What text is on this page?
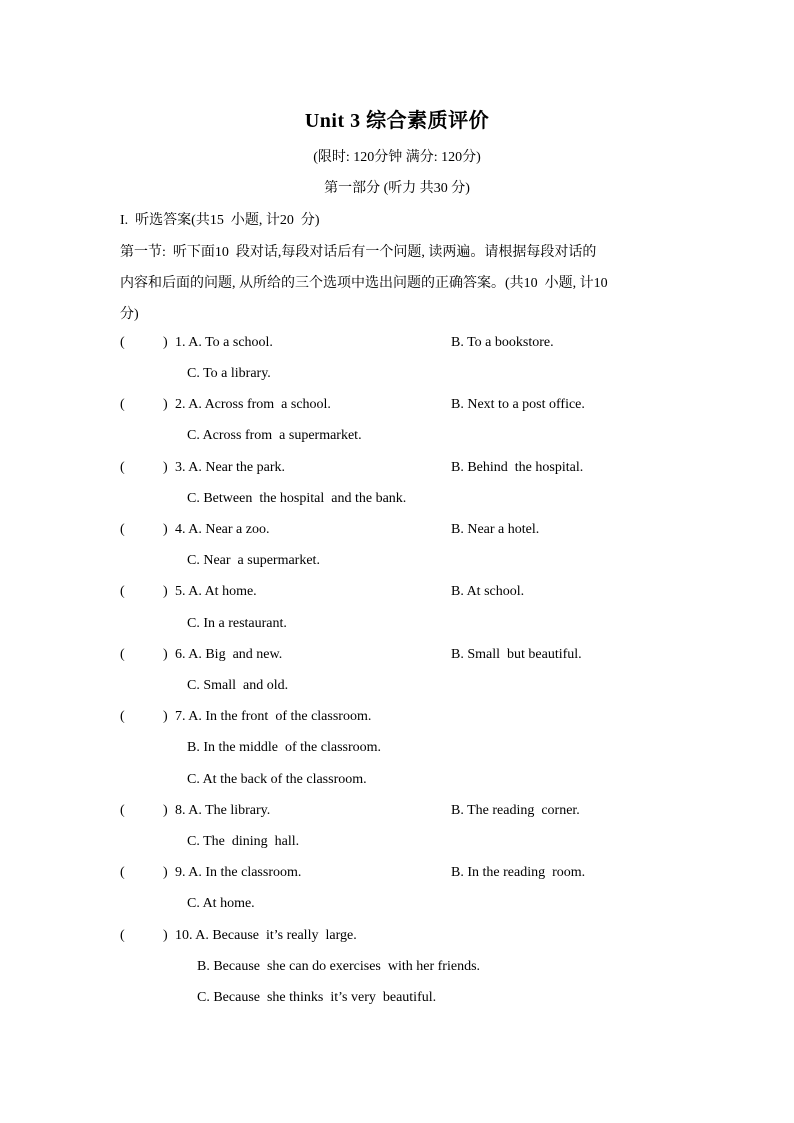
Unit 3 综合素质评价
(限时: 120分钟 满分: 120分)
第一部分 (听力 共30 分)
I.  听选答案(共15  小题, 计20  分)
第一节:  听下面10  段对话,每段对话后有一个问题, 读两遍。请根据每段对话的
内容和后面的问题, 从所给的三个选项中选出问题的正确答案。(共10  小题, 计10
分)
(	) 1. A. To a school.	B. To a bookstore.
C. To a library.
(	) 2. A. Across from  a school.	B. Next to a post office.
C. Across from  a supermarket.
(	) 3. A. Near the park.	B. Behind  the hospital.
C. Between  the hospital  and the bank.
(	) 4. A. Near a zoo.	B. Near a hotel.
C. Near  a supermarket.
(	) 5. A. At home.	B. At school.
C. In a restaurant.
(	) 6. A. Big  and new.	B. Small  but beautiful.
C. Small  and old.
(	) 7. A. In the front  of the classroom.
B. In the middle  of the classroom.
C. At the back of the classroom.
(	) 8. A. The library.	B. The reading  corner.
C. The  dining  hall.
(	) 9. A. In the classroom.	B. In the reading  room.
C. At home.
(	) 10. A. Because  it’s really  large.
B. Because  she can do exercises  with her friends.
C. Because  she thinks  it’s very  beautiful.
